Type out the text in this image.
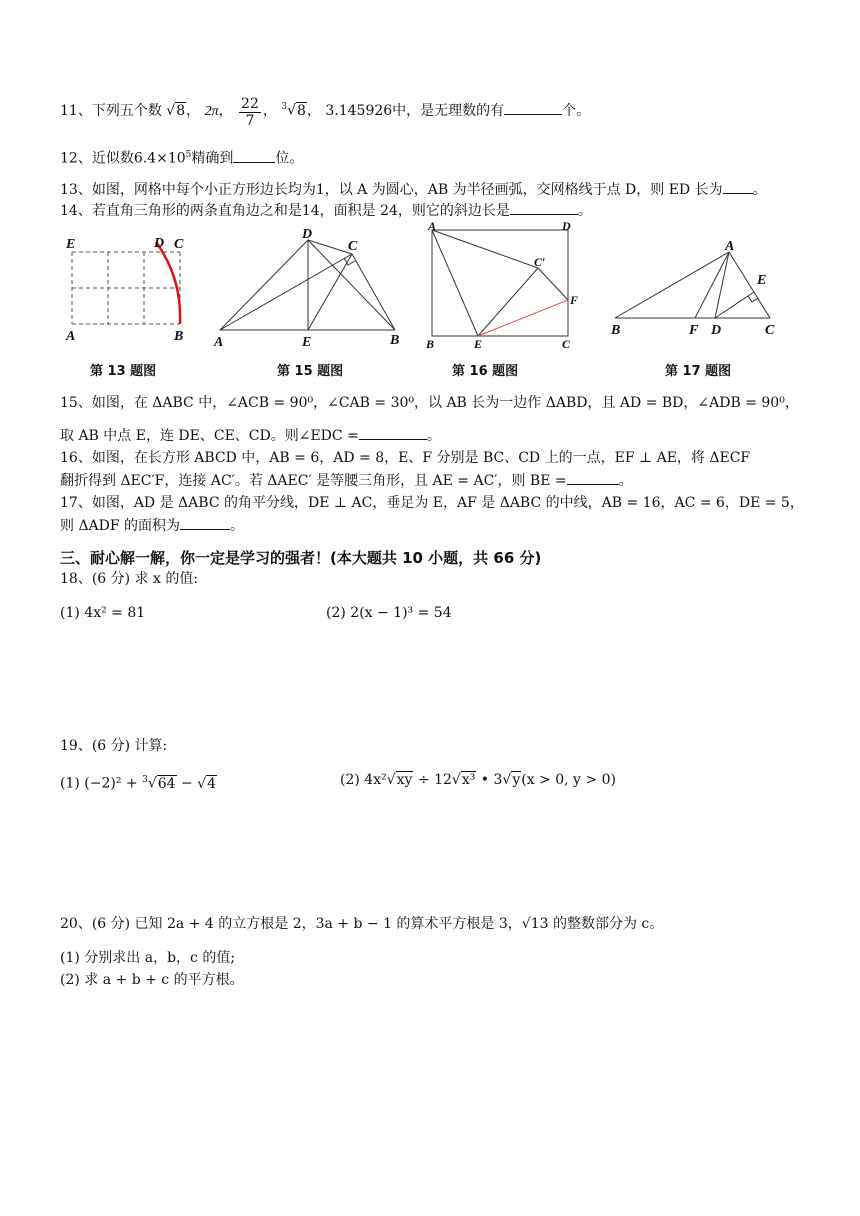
11、下列五个数 √8， 2π， $\frac{22}{7}$ ， $^3$√8， 3.145926中，是无理数的有	个。
12、近似数$6.4\times 10^5$精确到	位。
13、如图，网格中每个小正方形边长均为1，以 A 为圆心，AB 为半径画弧，交网格线于点 D，则 ED 长为 。
14、若直角三角形的两条直角边之和是14，面积是 24，则它的斜边长是	。
E	D C
A	B
D
C
A	E	B
A	D
C′
F
B	E	C
A
E
B	F D	C
第 13 题图	第 15 题图	第 16 题图	第 17 题图
15、如图，在 ΔABC 中，∠ACB = 90⁰，∠CAB = 30⁰，以 AB 长为一边作 ΔABD，且 AD = BD，∠ADB = 90⁰，
取 AB 中点 E，连 DE、CE、CD。则∠EDC =	。
16、如图，在长方形 ABCD 中，AB = 6，AD = 8，E、F 分别是 BC、CD 上的一点，EF ⊥ AE，将 ΔECF
翻折得到 ΔEC′F，连接 AC′。若 ΔAEC′ 是等腰三角形，且 AE = AC′，则 BE =	。
17、如图，AD 是 ΔABC 的角平分线，DE ⊥ AC，垂足为 E，AF 是 ΔABC 的中线，AB = 16，AC = 6，DE = 5，
则 ΔADF 的面积为	。
三、耐心解一解，你一定是学习的强者！(本大题共 10 小题，共 66 分)
18、(6 分) 求 x 的值:
(1) 4x² = 81	(2) 2(x − 1)³ = 54
19、(6 分) 计算:
(1) (−2)² + $^3$√64 − √4	(2) 4x²√xy ÷ 12√x³ • 3√y(x > 0, y > 0)
20、(6 分) 已知 2a + 4 的立方根是 2，3a + b − 1 的算术平方根是 3，√13 的整数部分为 c。
(1) 分别求出 a，b，c 的值;
(2) 求 a + b + c 的平方根。
